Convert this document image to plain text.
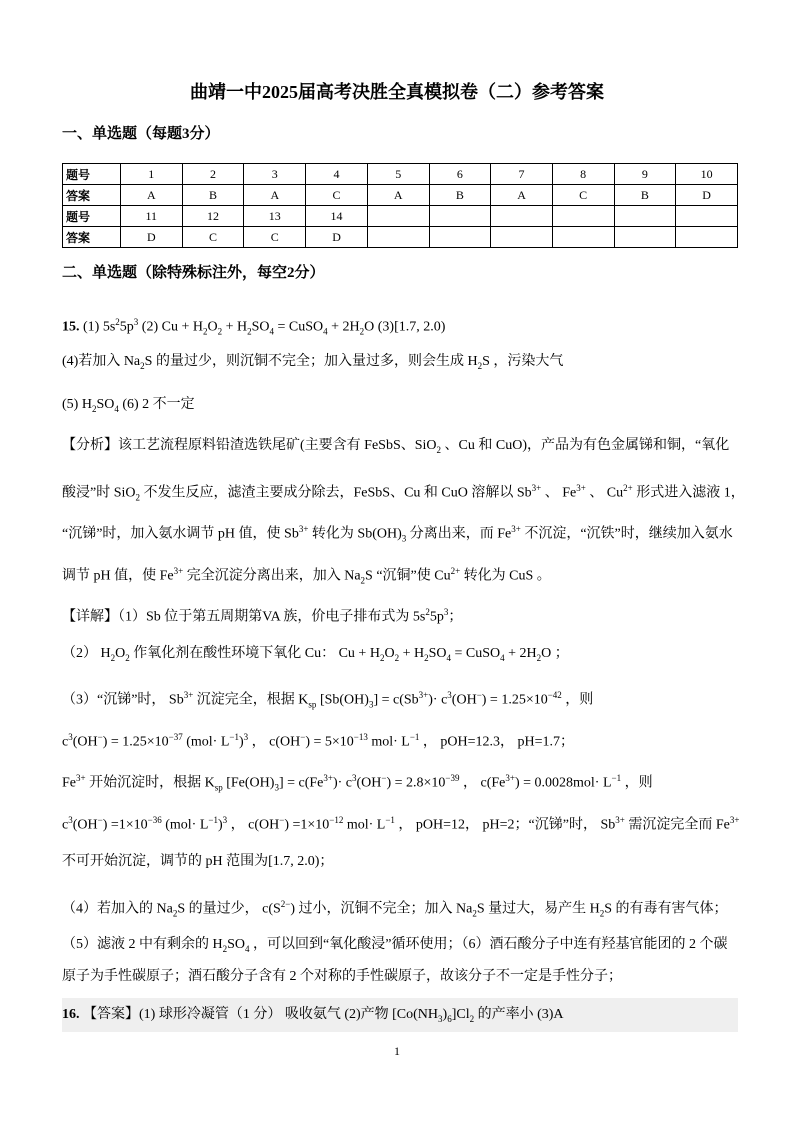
曲靖一中2025届高考决胜全真模拟卷（二）参考答案
一、单选题（每题3分）
题号	1	2	3	4	5	6	7	8	9	10
答案	A	B	A	C	A	B	A	C	B	D
题号	11	12	13	14						
答案	D	C	C	D						
二、单选题（除特殊标注外，每空2分）
15. (1) $5s^25p^3$ (2) $Cu + H_2O_2 + H_2SO_4$ = CuSO$_4$ + $2H_2O$ (3)[1.7, 2.0)
(4)若加入 $Na_2S$ 的量过少，则沉铜不完全；加入量过多，则会生成 $H_2S$ ，污染大气
(5) $H_2SO_4$ (6) 2 不一定
【分析】该工艺流程原料铅渣选铁尾矿(主要含有 FeSbS、SiO$_2$ 、Cu 和 CuO)，产品为有色金属锑和铜，“氧化
酸浸”时 SiO$_2$ 不发生反应，滤渣主要成分除去，FeSbS、Cu 和 CuO 溶解以 $Sb^{3+}$ 、 $Fe^{3+}$ 、 $Cu^{2+}$ 形式进入滤液 1，
“沉锑”时，加入氨水调节 pH 值，使 $Sb^{3+}$ 转化为 $Sb(OH)_3$ 分离出来，而 $Fe^{3+}$ 不沉淀，“沉铁”时，继续加入氨水
调节 pH 值，使 $Fe^{3+}$ 完全沉淀分离出来，加入 $Na_2S$ “沉铜”使 $Cu^{2+}$ 转化为 CuS 。
【详解】（1）Sb 位于第五周期第VA 族，价电子排布式为 $5s^25p^3$；
（2） $H_2O_2$ 作氧化剂在酸性环境下氧化 Cu： $Cu + H_2O_2 + H_2SO_4$ = CuSO$_4$ + $2H_2O$ ；
（3）“沉锑”时， $Sb^{3+}$ 沉淀完全，根据 $K_{sp}$ $[Sb(OH)_3] = c(Sb^{3+})\cdot c^3(OH^-) = 1.25\times 10^{-42}$ ，则
$c^3(OH^-) = 1.25\times 10^{-37}$ $(mol\cdot L^{-1})^3$ ， $c(OH^-) = 5\times 10^{-13}$ $mol\cdot L^{-1}$ ， pOH=12.3， pH=1.7；
$Fe^{3+}$ 开始沉淀时，根据 $K_{sp}$ $[Fe(OH)_3] = c(Fe^{3+})\cdot c^3(OH^-) = 2.8\times 10^{-39}$ ， $c(Fe^{3+}) = 0.0028mol\cdot L^{-1}$ ，则
$c^3(OH^-) =1\times 10^{-36}$ $(mol\cdot L^{-1})^3$ ， $c(OH^-) =1\times 10^{-12}$ $mol\cdot L^{-1}$ ， pOH=12， pH=2；“沉锑”时， $Sb^{3+}$ 需沉淀完全而 $Fe^{3+}$
不可开始沉淀，调节的 pH 范围为[1.7, 2.0)；
（4）若加入的 $Na_2S$ 的量过少， $c(S^{2-})$ 过小，沉铜不完全；加入 $Na_2S$ 量过大，易产生 $H_2S$ 的有毒有害气体；
（5）滤液 2 中有剩余的 $H_2SO_4$ ，可以回到“氧化酸浸”循环使用；（6）酒石酸分子中连有羟基官能团的 2 个碳
原子为手性碳原子；酒石酸分子含有 2 个对称的手性碳原子，故该分子不一定是手性分子；
16. 【答案】(1) 球形冷凝管（1 分） 吸收氨气 (2)产物 $[Co(NH_3)_6]Cl_2$ 的产率小 (3)A
1
